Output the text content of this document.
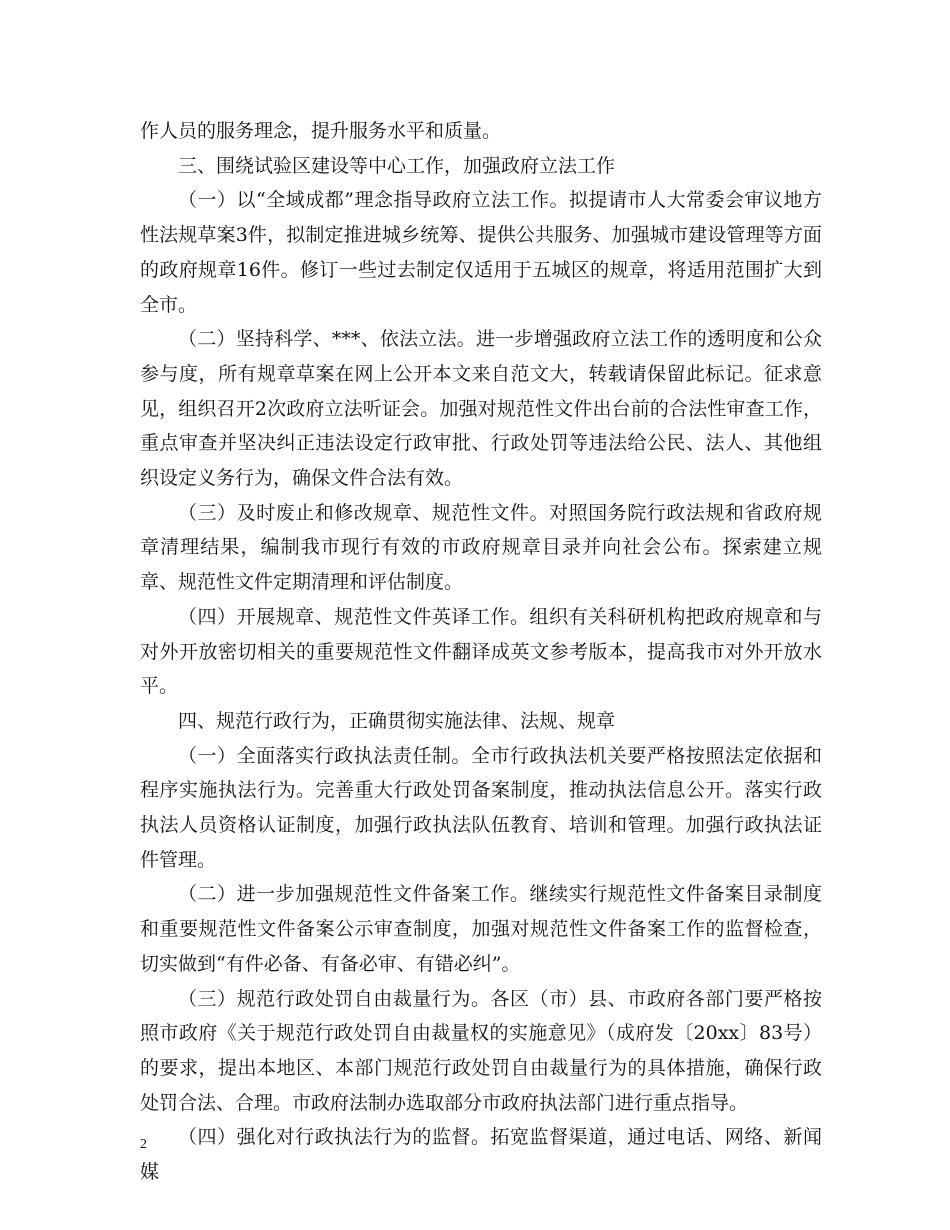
作人员的服务理念，提升服务水平和质量。

三、围绕试验区建设等中心工作，加强政府立法工作

（一）以“全域成都”理念指导政府立法工作。拟提请市人大常委会审议地方性法规草案3件，拟制定推进城乡统筹、提供公共服务、加强城市建设管理等方面的政府规章16件。修订一些过去制定仅适用于五城区的规章，将适用范围扩大到全市。

（二）坚持科学、***、依法立法。进一步增强政府立法工作的透明度和公众参与度，所有规章草案在网上公开本文来自范文大，转载请保留此标记。征求意见，组织召开2次政府立法听证会。加强对规范性文件出台前的合法性审查工作，重点审查并坚决纠正违法设定行政审批、行政处罚等违法给公民、法人、其他组织设定义务行为，确保文件合法有效。

（三）及时废止和修改规章、规范性文件。对照国务院行政法规和省政府规章清理结果，编制我市现行有效的市政府规章目录并向社会公布。探索建立规章、规范性文件定期清理和评估制度。

（四）开展规章、规范性文件英译工作。组织有关科研机构把政府规章和与对外开放密切相关的重要规范性文件翻译成英文参考版本，提高我市对外开放水平。

四、规范行政行为，正确贯彻实施法律、法规、规章

（一）全面落实行政执法责任制。全市行政执法机关要严格按照法定依据和程序实施执法行为。完善重大行政处罚备案制度，推动执法信息公开。落实行政执法人员资格认证制度，加强行政执法队伍教育、培训和管理。加强行政执法证件管理。

（二）进一步加强规范性文件备案工作。继续实行规范性文件备案目录制度和重要规范性文件备案公示审查制度，加强对规范性文件备案工作的监督检查，切实做到“有件必备、有备必审、有错必纠”。

（三）规范行政处罚自由裁量行为。各区（市）县、市政府各部门要严格按照市政府《关于规范行政处罚自由裁量权的实施意见》（成府发〔20xx〕83号）的要求，提出本地区、本部门规范行政处罚自由裁量行为的具体措施，确保行政处罚合法、合理。市政府法制办选取部分市政府执法部门进行重点指导。

（四）强化对行政执法行为的监督。拓宽监督渠道，通过电话、网络、新闻媒

2
